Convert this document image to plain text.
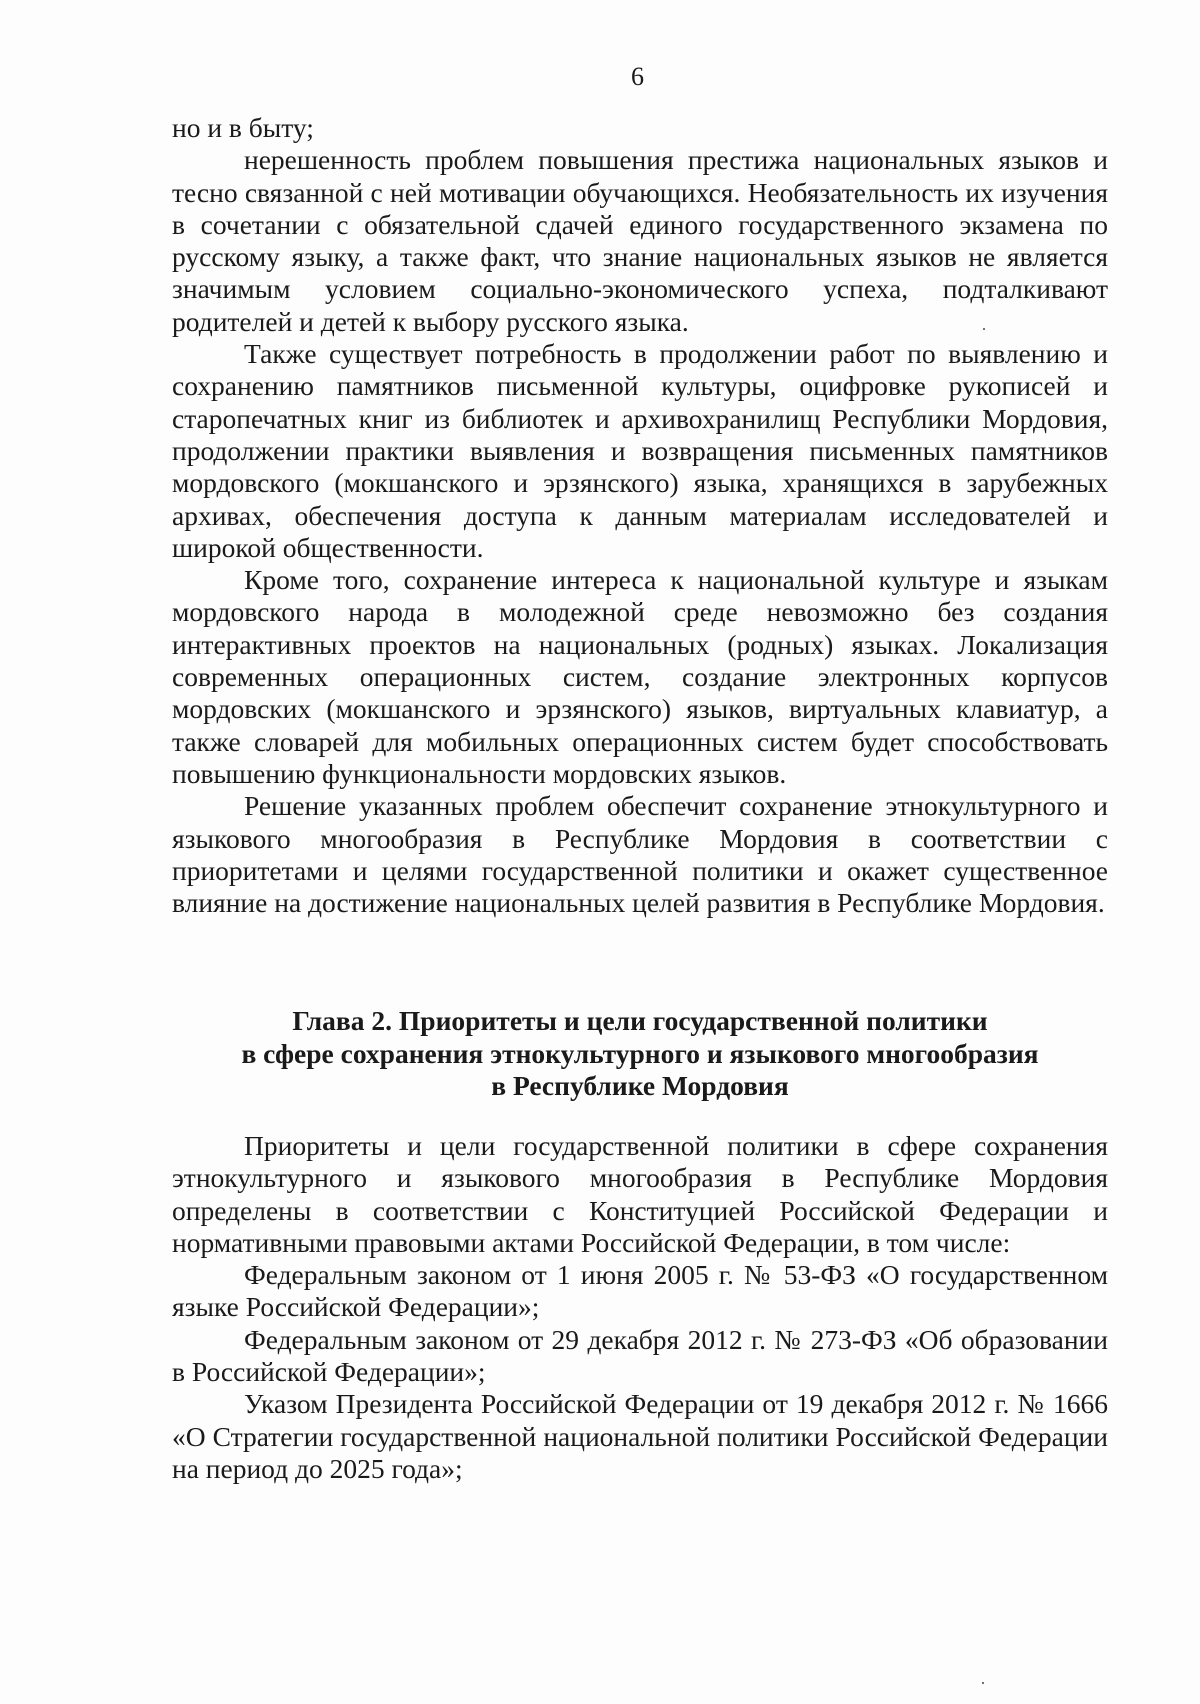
6

но и в быту;

нерешенность проблем повышения престижа национальных языков и тесно связанной с ней мотивации обучающихся. Необязательность их изучения в сочетании с обязательной сдачей единого государственного экзамена по русскому языку, а также факт, что знание национальных языков не является значимым условием социально-экономического успеха, подталкивают родителей и детей к выбору русского языка.

Также существует потребность в продолжении работ по выявлению и сохранению памятников письменной культуры, оцифровке рукописей и старопечатных книг из библиотек и архивохранилищ Республики Мордовия, продолжении практики выявления и возвращения письменных памятников мордовского (мокшанского и эрзянского) языка, хранящихся в зарубежных архивах, обеспечения доступа к данным материалам исследователей и широкой общественности.

Кроме того, сохранение интереса к национальной культуре и языкам мордовского народа в молодежной среде невозможно без создания интерактивных проектов на национальных (родных) языках. Локализация современных операционных систем, создание электронных корпусов мордовских (мокшанского и эрзянского) языков, виртуальных клавиатур, а также словарей для мобильных операционных систем будет способствовать повышению функциональности мордовских языков.

Решение указанных проблем обеспечит сохранение этнокультурного и языкового многообразия в Республике Мордовия в соответствии с приоритетами и целями государственной политики и окажет существенное влияние на достижение национальных целей развития в Республике Мордовия.

Глава 2. Приоритеты и цели государственной политики
в сфере сохранения этнокультурного и языкового многообразия
в Республике Мордовия

Приоритеты и цели государственной политики в сфере сохранения этнокультурного и языкового многообразия в Республике Мордовия определены в соответствии с Конституцией Российской Федерации и нормативными правовыми актами Российской Федерации, в том числе:

Федеральным законом от 1 июня 2005 г. № 53-ФЗ «О государственном языке Российской Федерации»;

Федеральным законом от 29 декабря 2012 г. № 273-ФЗ «Об образовании в Российской Федерации»;

Указом Президента Российской Федерации от 19 декабря 2012 г. № 1666 «О Стратегии государственной национальной политики Российской Федерации на период до 2025 года»;
